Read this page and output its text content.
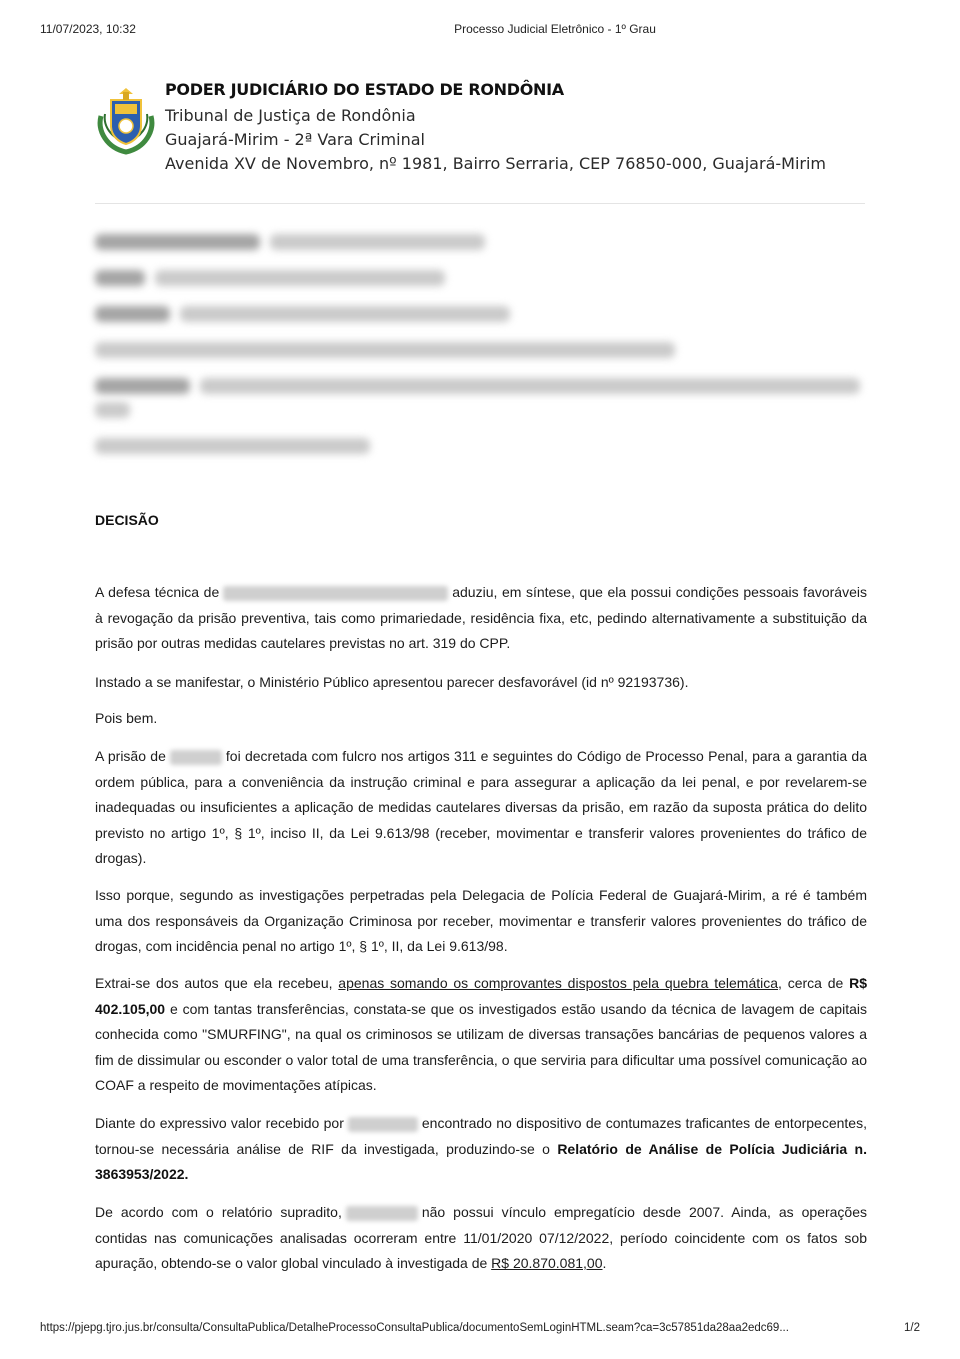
11/07/2023, 10:32	Processo Judicial Eletrônico - 1º Grau
PODER JUDICIÁRIO DO ESTADO DE RONDÔNIA
Tribunal de Justiça de Rondônia
Guajará-Mirim - 2ª Vara Criminal
Avenida XV de Novembro, nº 1981, Bairro Serraria, CEP 76850-000, Guajará-Mirim
DECISÃO
A defesa técnica de	aduziu, em síntese, que ela possui condições pessoais favoráveis à revogação da prisão preventiva, tais como primariedade, residência fixa, etc, pedindo alternativamente a substituição da prisão por outras medidas cautelares previstas no art. 319 do CPP.
Instado a se manifestar, o Ministério Público apresentou parecer desfavorável (id nº 92193736).
Pois bem.
A prisão de	foi decretada com fulcro nos artigos 311 e seguintes do Código de Processo Penal, para a garantia da ordem pública, para a conveniência da instrução criminal e para assegurar a aplicação da lei penal, e por revelarem-se inadequadas ou insuficientes a aplicação de medidas cautelares diversas da prisão, em razão da suposta prática do delito previsto no artigo 1º, § 1º, inciso II, da Lei 9.613/98 (receber, movimentar e transferir valores provenientes do tráfico de drogas).
Isso porque, segundo as investigações perpetradas pela Delegacia de Polícia Federal de Guajará-Mirim, a ré é também uma dos responsáveis da Organização Criminosa por receber, movimentar e transferir valores provenientes do tráfico de drogas, com incidência penal no artigo 1º, § 1º, II, da Lei 9.613/98.
Extrai-se dos autos que ela recebeu, apenas somando os comprovantes dispostos pela quebra telemática, cerca de R$ 402.105,00 e com tantas transferências, constata-se que os investigados estão usando da técnica de lavagem de capitais conhecida como "SMURFING", na qual os criminosos se utilizam de diversas transações bancárias de pequenos valores a fim de dissimular ou esconder o valor total de uma transferência, o que serviria para dificultar uma possível comunicação ao COAF a respeito de movimentações atípicas.
Diante do expressivo valor recebido por	encontrado no dispositivo de contumazes traficantes de entorpecentes, tornou-se necessária análise de RIF da investigada, produzindo-se o Relatório de Análise de Polícia Judiciária n. 3863953/2022.
De acordo com o relatório supradito,	não possui vínculo empregatício desde 2007. Ainda, as operações contidas nas comunicações analisadas ocorreram entre 11/01/2020 07/12/2022, período coincidente com os fatos sob apuração, obtendo-se o valor global vinculado à investigada de R$ 20.870.081,00.
https://pjepg.tjro.jus.br/consulta/ConsultaPublica/DetalheProcessoConsultaPublica/documentoSemLoginHTML.seam?ca=3c57851da28aa2edc69...	1/2
